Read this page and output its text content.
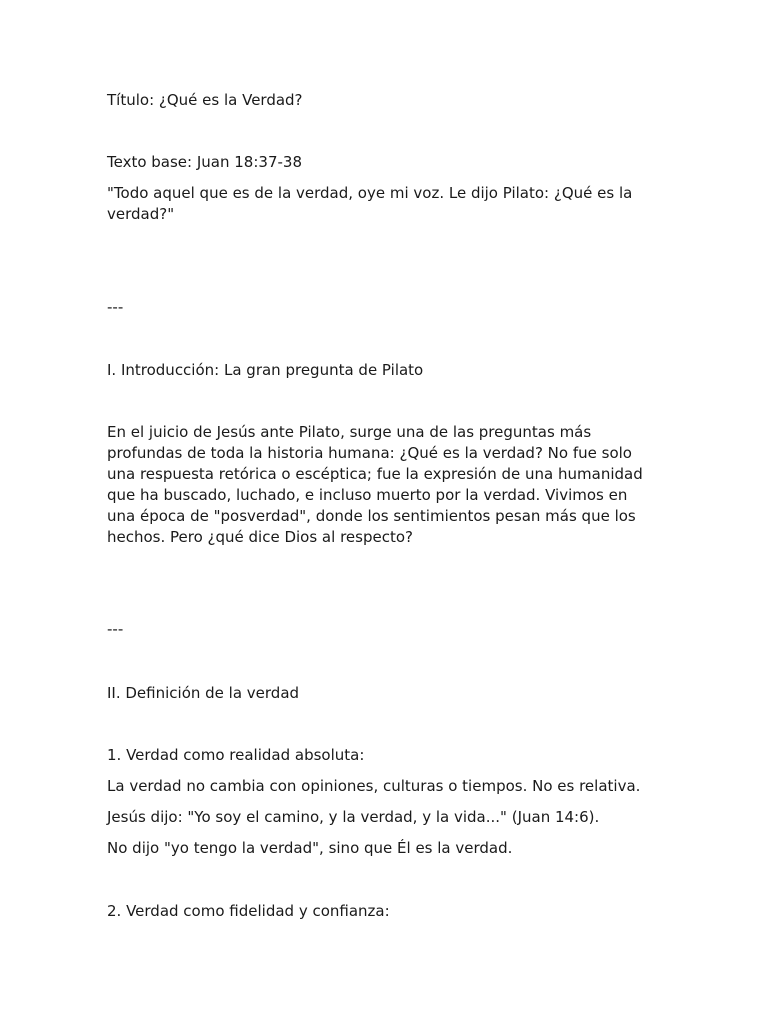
Título: ¿Qué es la Verdad?

Texto base: Juan 18:37-38

"Todo aquel que es de la verdad, oye mi voz. Le dijo Pilato: ¿Qué es la verdad?"

---

I. Introducción: La gran pregunta de Pilato

En el juicio de Jesús ante Pilato, surge una de las preguntas más profundas de toda la historia humana: ¿Qué es la verdad? No fue solo una respuesta retórica o escéptica; fue la expresión de una humanidad que ha buscado, luchado, e incluso muerto por la verdad. Vivimos en una época de "posverdad", donde los sentimientos pesan más que los hechos. Pero ¿qué dice Dios al respecto?

---

II. Definición de la verdad

1. Verdad como realidad absoluta:

La verdad no cambia con opiniones, culturas o tiempos. No es relativa.

Jesús dijo: "Yo soy el camino, y la verdad, y la vida..." (Juan 14:6).

No dijo "yo tengo la verdad", sino que Él es la verdad.

2. Verdad como fidelidad y confianza:
